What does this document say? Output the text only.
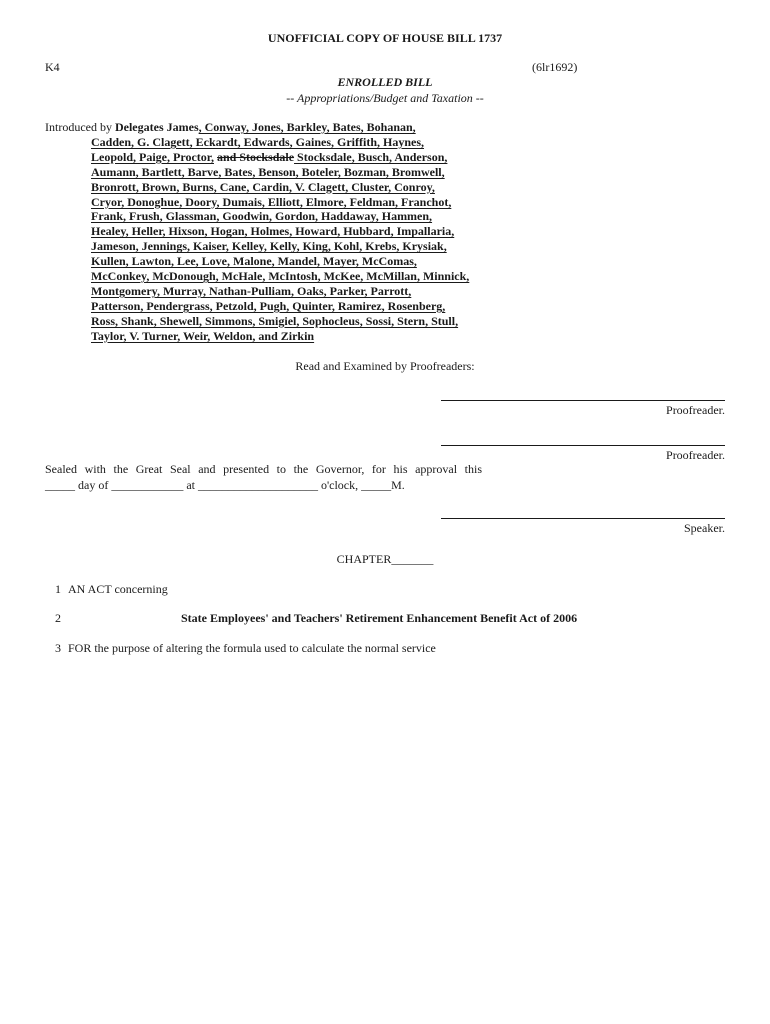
UNOFFICIAL COPY OF HOUSE BILL 1737
K4	(6lr1692)
ENROLLED BILL
-- Appropriations/Budget and Taxation --
Introduced by Delegates James, Conway, Jones, Barkley, Bates, Bohanan,
Cadden, G. Clagett, Eckardt, Edwards, Gaines, Griffith, Haynes,
Leopold, Paige, Proctor, and Stocksdale Stocksdale, Busch, Anderson,
Aumann, Bartlett, Barve, Bates, Benson, Boteler, Bozman, Bromwell,
Bronrott, Brown, Burns, Cane, Cardin, V. Clagett, Cluster, Conroy,
Cryor, Donoghue, Doory, Dumais, Elliott, Elmore, Feldman, Franchot,
Frank, Frush, Glassman, Goodwin, Gordon, Haddaway, Hammen,
Healey, Heller, Hixson, Hogan, Holmes, Howard, Hubbard, Impallaria,
Jameson, Jennings, Kaiser, Kelley, Kelly, King, Kohl, Krebs, Krysiak,
Kullen, Lawton, Lee, Love, Malone, Mandel, Mayer, McComas,
McConkey, McDonough, McHale, McIntosh, McKee, McMillan, Minnick,
Montgomery, Murray, Nathan-Pulliam, Oaks, Parker, Parrott,
Patterson, Pendergrass, Petzold, Pugh, Quinter, Ramirez, Rosenberg,
Ross, Shank, Shewell, Simmons, Smigiel, Sophocleus, Sossi, Stern, Stull,
Taylor, V. Turner, Weir, Weldon, and Zirkin
Read and Examined by Proofreaders:
Proofreader.
Proofreader.
Sealed with the Great Seal and presented to the Governor, for his approval this
_____ day of ____________ at ____________________ o'clock, _____M.
Speaker.
CHAPTER_______
1 AN ACT concerning
2	State Employees' and Teachers' Retirement Enhancement Benefit Act of 2006
3 FOR the purpose of altering the formula used to calculate the normal service
